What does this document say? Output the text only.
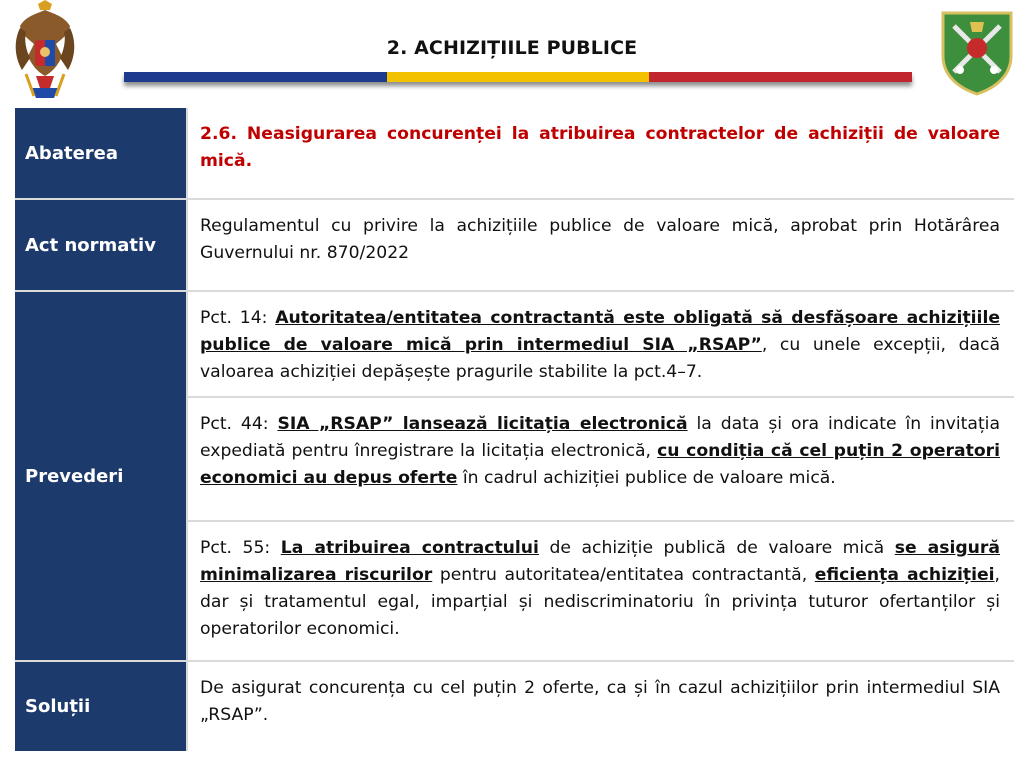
2. ACHIZIȚIILE PUBLICE
Abaterea
2.6. Neasigurarea concurenței la atribuirea contractelor de achiziții de valoare mică.
Act normativ
Regulamentul cu privire la achizițiile publice de valoare mică, aprobat prin Hotărârea Guvernului nr. 870/2022
Prevederi
Pct. 14: Autoritatea/entitatea contractantă este obligată să desfășoare achizițiile publice de valoare mică prin intermediul SIA „RSAP”, cu unele excepții, dacă valoarea achiziției depășește pragurile stabilite la pct.4–7.
Pct. 44: SIA „RSAP” lansează licitația electronică la data și ora indicate în invitația expediată pentru înregistrare la licitația electronică, cu condiția că cel puțin 2 operatori economici au depus oferte în cadrul achiziției publice de valoare mică.
Pct. 55: La atribuirea contractului de achiziție publică de valoare mică se asigură minimalizarea riscurilor pentru autoritatea/entitatea contractantă, eficiența achiziției, dar și tratamentul egal, imparțial și nediscriminatoriu în privința tuturor ofertanților și operatorilor economici.
Soluții
De asigurat concurența cu cel puțin 2 oferte, ca și în cazul achizițiilor prin intermediul SIA „RSAP”.
